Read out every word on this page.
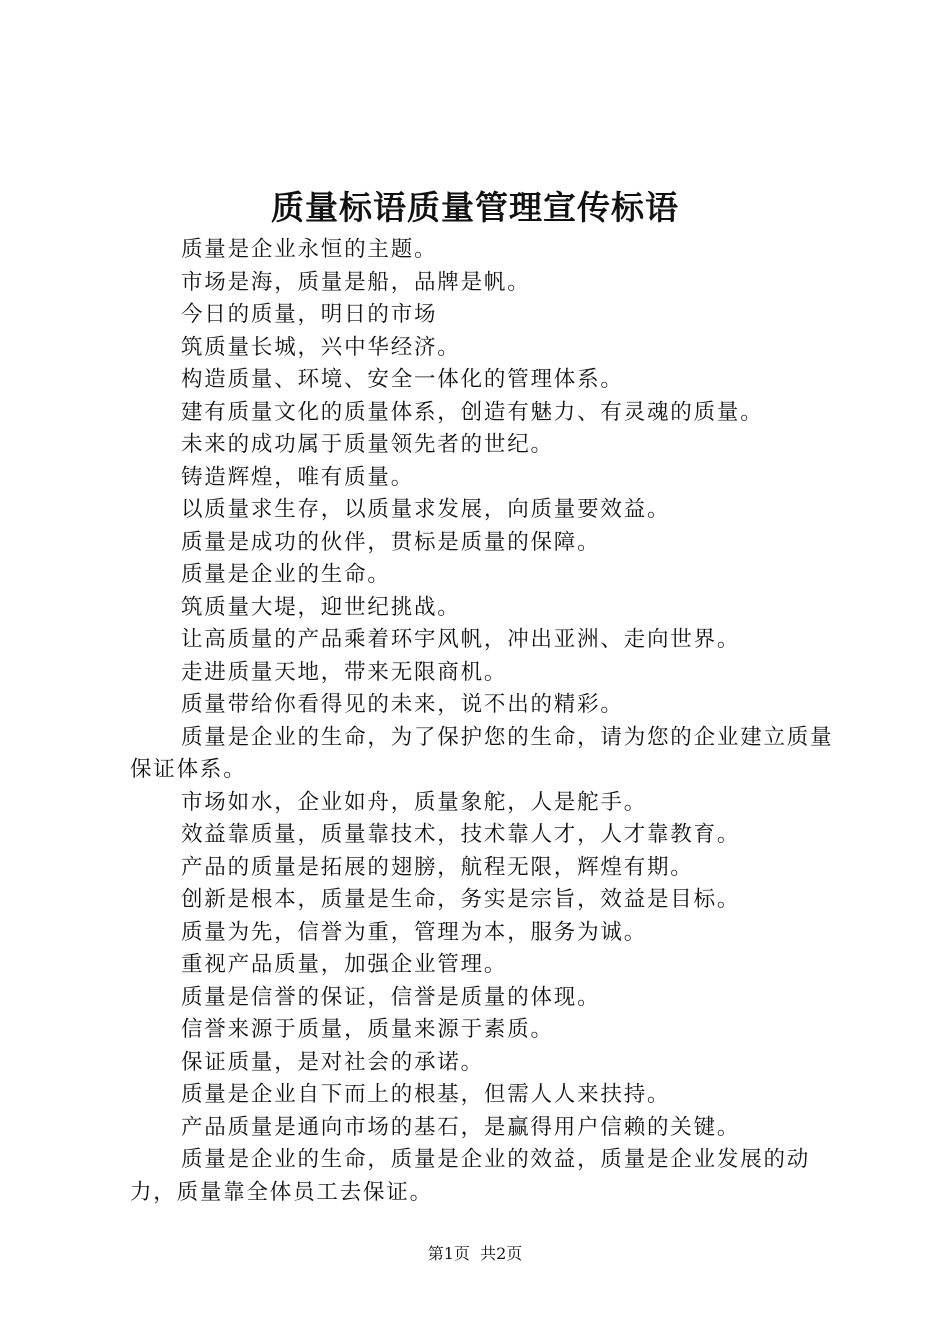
质量标语质量管理宣传标语

质量是企业永恒的主题。

市场是海，质量是船，品牌是帆。

今日的质量，明日的市场

筑质量长城，兴中华经济。

构造质量、环境、安全一体化的管理体系。

建有质量文化的质量体系，创造有魅力、有灵魂的质量。

未来的成功属于质量领先者的世纪。

铸造辉煌，唯有质量。

以质量求生存，以质量求发展，向质量要效益。

质量是成功的伙伴，贯标是质量的保障。

质量是企业的生命。

筑质量大堤，迎世纪挑战。

让高质量的产品乘着环宇风帆，冲出亚洲、走向世界。

走进质量天地，带来无限商机。

质量带给你看得见的未来，说不出的精彩。

质量是企业的生命，为了保护您的生命，请为您的企业建立质量保证体系。

市场如水，企业如舟，质量象舵，人是舵手。

效益靠质量，质量靠技术，技术靠人才，人才靠教育。

产品的质量是拓展的翅膀，航程无限，辉煌有期。

创新是根本，质量是生命，务实是宗旨，效益是目标。

质量为先，信誉为重，管理为本，服务为诚。

重视产品质量，加强企业管理。

质量是信誉的保证，信誉是质量的体现。

信誉来源于质量，质量来源于素质。

保证质量，是对社会的承诺。

质量是企业自下而上的根基，但需人人来扶持。

产品质量是通向市场的基石，是赢得用户信赖的关键。

质量是企业的生命，质量是企业的效益，质量是企业发展的动力，质量靠全体员工去保证。

第1页  共2页
